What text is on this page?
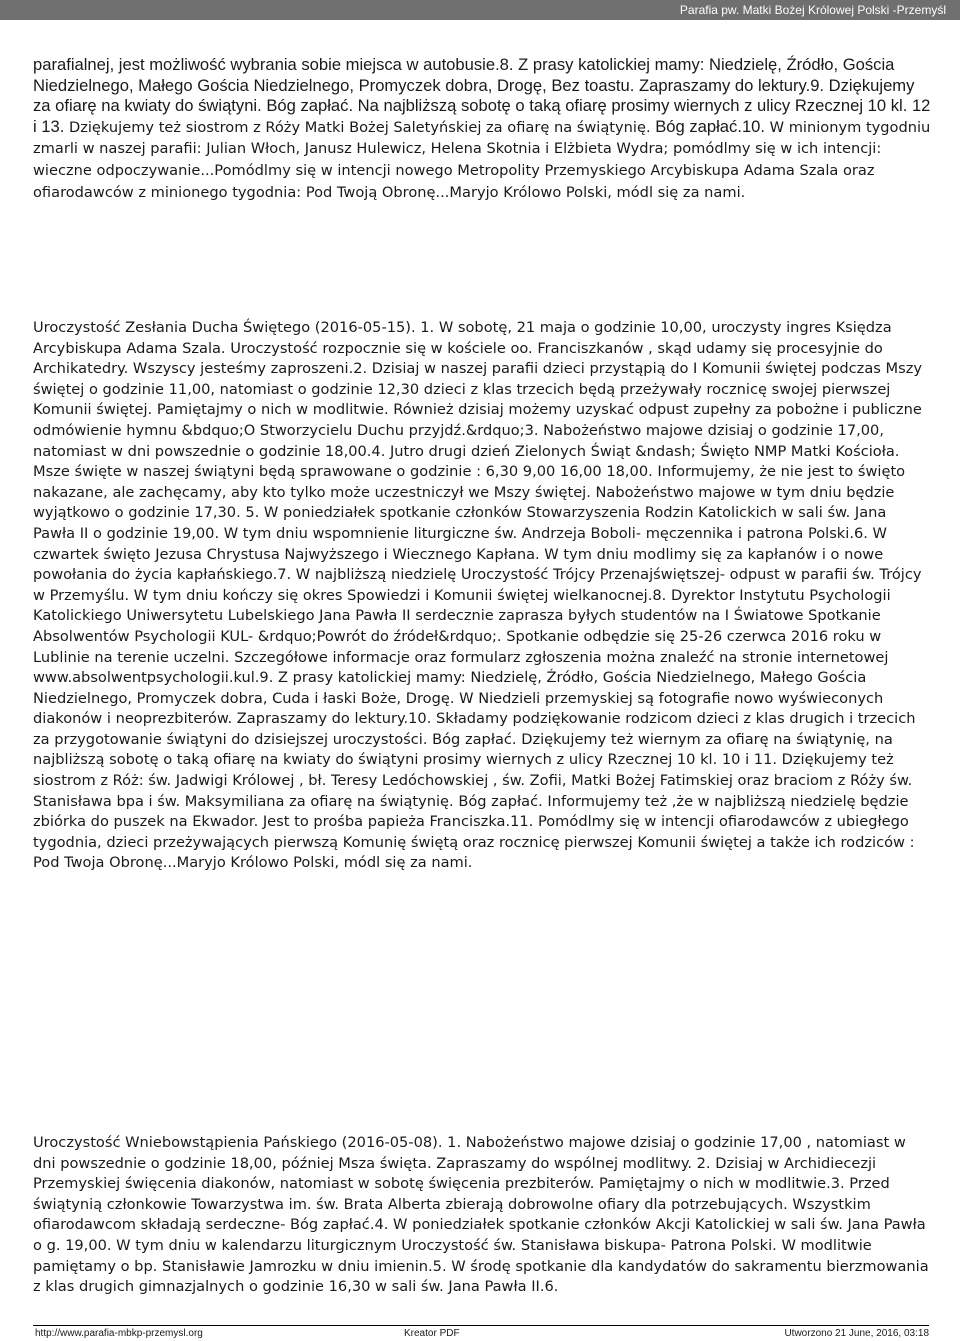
Parafia pw. Matki Bożej Królowej Polski -Przemyśl

parafialnej, jest możliwość wybrania sobie miejsca w autobusie.8. Z prasy katolickiej mamy: Niedzielę, Źródło, Gościa Niedzielnego, Małego Gościa Niedzielnego, Promyczek dobra, Drogę, Bez toastu. Zapraszamy do lektury.9. Dziękujemy za ofiarę na kwiaty do świątyni. Bóg zapłać. Na najbliższą sobotę o taką ofiarę prosimy wiernych z ulicy Rzecznej 10 kl. 12 i 13. Dziękujemy też siostrom z Róży Matki Bożej Saletyńskiej za ofiarę na świątynię. Bóg zapłać.10. W minionym tygodniu zmarli w naszej parafii: Julian Włoch, Janusz Hulewicz, Helena Skotnia i Elżbieta Wydra; pomódlmy się w ich intencji: wieczne odpoczywanie...Pomódlmy się w intencji nowego Metropolity Przemyskiego Arcybiskupa Adama Szala oraz ofiarodawców z minionego tygodnia: Pod Twoją Obronę...Maryjo Królowo Polski, módl się za nami.

Uroczystość Zesłania Ducha Świętego (2016-05-15). 1. W sobotę, 21 maja o godzinie 10,00, uroczysty ingres Księdza Arcybiskupa Adama Szala. Uroczystość rozpocznie się w kościele oo. Franciszkanów , skąd udamy się procesyjnie do Archikatedry. Wszyscy jesteśmy zaproszeni.2. Dzisiaj w naszej parafii dzieci przystąpią do I Komunii świętej podczas Mszy świętej o godzinie 11,00, natomiast o godzinie 12,30 dzieci z klas trzecich będą przeżywały rocznicę swojej pierwszej Komunii świętej. Pamiętajmy o nich w modlitwie. Również dzisiaj możemy uzyskać odpust zupełny za pobożne i publiczne odmówienie hymnu &bdquo;O Stworzycielu Duchu przyjdź.&rdquo;3. Nabożeństwo majowe dzisiaj o godzinie 17,00, natomiast w dni powszednie o godzinie 18,00.4. Jutro drugi dzień Zielonych Świąt &ndash; Święto NMP Matki Kościoła. Msze święte w naszej świątyni będą sprawowane o godzinie : 6,30 9,00 16,00 18,00. Informujemy, że nie jest to święto nakazane, ale zachęcamy, aby kto tylko może uczestniczył we Mszy świętej. Nabożeństwo majowe w tym dniu będzie wyjątkowo o godzinie 17,30. 5. W poniedziałek spotkanie członków Stowarzyszenia Rodzin Katolickich w sali św. Jana Pawła II o godzinie 19,00. W tym dniu wspomnienie liturgiczne św. Andrzeja Boboli- męczennika i patrona Polski.6. W czwartek święto Jezusa Chrystusa Najwyższego i Wiecznego Kapłana. W tym dniu modlimy się za kapłanów i o nowe powołania do życia kapłańskiego.7. W najbliższą niedzielę Uroczystość Trójcy Przenajświętszej- odpust w parafii św. Trójcy w Przemyślu. W tym dniu kończy się okres Spowiedzi i Komunii świętej wielkanocnej.8. Dyrektor Instytutu Psychologii Katolickiego Uniwersytetu Lubelskiego Jana Pawła II serdecznie zaprasza byłych studentów na I Światowe Spotkanie Absolwentów Psychologii KUL- &rdquo;Powrót do źródeł&rdquo;. Spotkanie odbędzie się 25-26 czerwca 2016 roku w Lublinie na terenie uczelni. Szczegółowe informacje oraz formularz zgłoszenia można znaleźć na stronie internetowej www.absolwentpsychologii.kul.9. Z prasy katolickiej mamy: Niedzielę, Źródło, Gościa Niedzielnego, Małego Gościa Niedzielnego, Promyczek dobra, Cuda i łaski Boże, Drogę. W Niedzieli przemyskiej są fotografie nowo wyświeconych diakonów i neoprezbiterów. Zapraszamy do lektury.10. Składamy podziękowanie rodzicom dzieci z klas drugich i trzecich za przygotowanie świątyni do dzisiejszej uroczystości. Bóg zapłać. Dziękujemy też wiernym za ofiarę na świątynię, na najbliższą sobotę o taką ofiarę na kwiaty do świątyni prosimy wiernych z ulicy Rzecznej 10 kl. 10 i 11. Dziękujemy też siostrom z Róż: św. Jadwigi Królowej , bł. Teresy Ledóchowskiej , św. Zofii, Matki Bożej Fatimskiej oraz braciom z Róży św. Stanisława bpa i św. Maksymiliana za ofiarę na świątynię. Bóg zapłać. Informujemy też ,że w najbliższą niedzielę będzie zbiórka do puszek na Ekwador. Jest to prośba papieża Franciszka.11. Pomódlmy się w intencji ofiarodawców z ubiegłego tygodnia, dzieci przeżywających pierwszą Komunię świętą oraz rocznicę pierwszej Komunii świętej a także ich rodziców : Pod Twoja Obronę...Maryjo Królowo Polski, módl się za nami.

Uroczystość Wniebowstąpienia Pańskiego (2016-05-08). 1. Nabożeństwo majowe dzisiaj o godzinie 17,00 , natomiast w dni powszednie o godzinie 18,00, później Msza święta. Zapraszamy do wspólnej modlitwy. 2. Dzisiaj w Archidiecezji Przemyskiej święcenia diakonów, natomiast w sobotę święcenia prezbiterów. Pamiętajmy o nich w modlitwie.3. Przed świątynią członkowie Towarzystwa im. św. Brata Alberta zbierają dobrowolne ofiary dla potrzebujących. Wszystkim ofiarodawcom składają serdeczne- Bóg zapłać.4. W poniedziałek spotkanie członków Akcji Katolickiej w sali św. Jana Pawła o g. 19,00. W tym dniu w kalendarzu liturgicznym Uroczystość św. Stanisława biskupa- Patrona Polski. W modlitwie pamiętamy o bp. Stanisławie Jamrozku w dniu imienin.5. W środę spotkanie dla kandydatów do sakramentu bierzmowania z klas drugich gimnazjalnych o godzinie 16,30 w sali św. Jana Pawła II.6.

http://www.parafia-mbkp-przemysl.org	Kreator PDF	Utworzono 21 June, 2016, 03:18
